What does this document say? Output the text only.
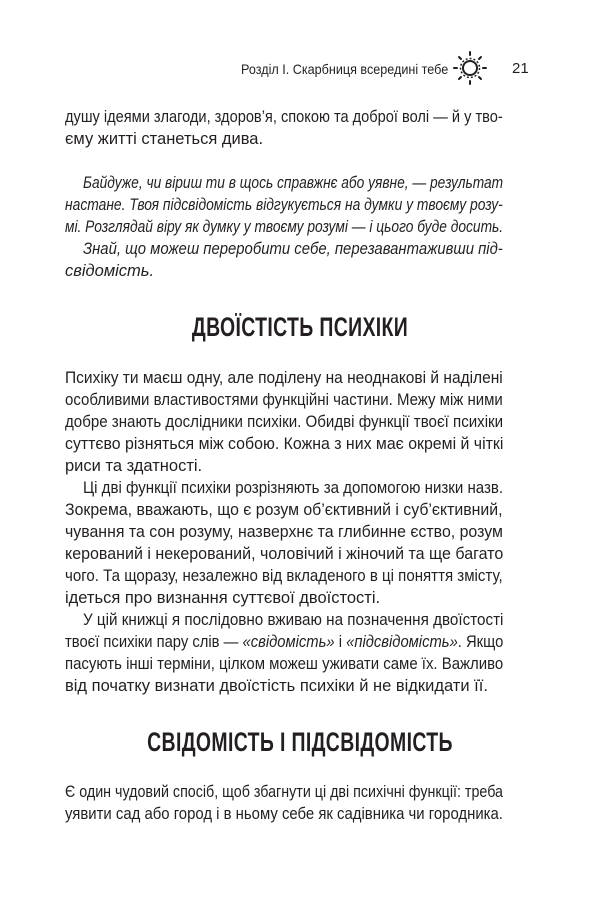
Розділ І. Скарбниця всередині тебе	21
душу ідеями злагоди, здоров’я, спокою та доброї волі — й у тво-
єму житті станеться дива.
Байдуже, чи віриш ти в щось справжнє або уявне, — результат
настане. Твоя підсвідомість відгукується на думки у твоєму розу-
мі. Розглядай віру як думку у твоєму розумі — і цього буде досить.
Знай, що можеш переробити себе, перезавантаживши під-
свідомість.
ДВОЇСТІСТЬ ПСИХІКИ
Психіку ти маєш одну, але поділену на неоднакові й наділені
особливими властивостями функційні частини. Межу між ними
добре знають дослідники психіки. Обидві функції твоєї психіки
суттєво різняться між собою. Кожна з них має окремі й чіткі
риси та здатності.
Ці дві функції психіки розрізняють за допомогою низки назв.
Зокрема, вважають, що є розум об’єктивний і суб’єктивний,
чування та сон розуму, назверхнє та глибинне єство, розум
керований і некерований, чоловічий і жіночий та ще багато
чого. Та щоразу, незалежно від вкладеного в ці поняття змісту,
ідеться про визнання суттєвої двоїстості.
У цій книжці я послідовно вживаю на позначення двоїстості
твоєї психіки пару слів — «свідомість» і «підсвідомість». Якщо
пасують інші терміни, цілком можеш уживати саме їх. Важливо
від початку визнати двоїстість психіки й не відкидати її.
СВІДОМІСТЬ І ПІДСВІДОМІСТЬ
Є один чудовий спосіб, щоб збагнути ці дві психічні функції: треба
уявити сад або город і в ньому себе як садівника чи городника.
